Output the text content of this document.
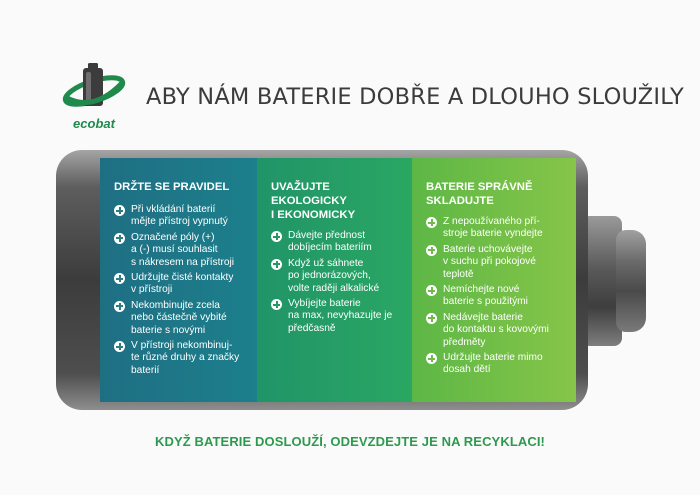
ecobat
ABY NÁM BATERIE DOBŘE A DLOUHO SLOUŽILY
DRŽTE SE PRAVIDEL
Při vkládání baterií
mějte přístroj vypnutý
Označené póly (+)
a (-) musí souhlasit
s nákresem na přístroji
Udržujte čisté kontakty
v přístroji
Nekombinujte zcela
nebo částečně vybité
baterie s novými
V přístroji nekombinuj-
te různé druhy a značky
baterií
UVAŽUJTE EKOLOGICKY
I EKONOMICKY
Dávejte přednost
dobíjecím bateriím
Když už sáhnete
po jednorázových,
volte raději alkalické
Vybíjejte baterie
na max, nevyhazujte je
předčasně
BATERIE SPRÁVNĚ
SKLADUJTE
Z nepoužívaného pří-
stroje baterie vyndejte
Baterie uchovávejte
v suchu při pokojové
teplotě
Nemíchejte nové
baterie s použitými
Nedávejte baterie
do kontaktu s kovovými
předměty
Udržujte baterie mimo
dosah dětí
KDYŽ BATERIE DOSLOUŽÍ, ODEVZDEJTE JE NA RECYKLACI!
